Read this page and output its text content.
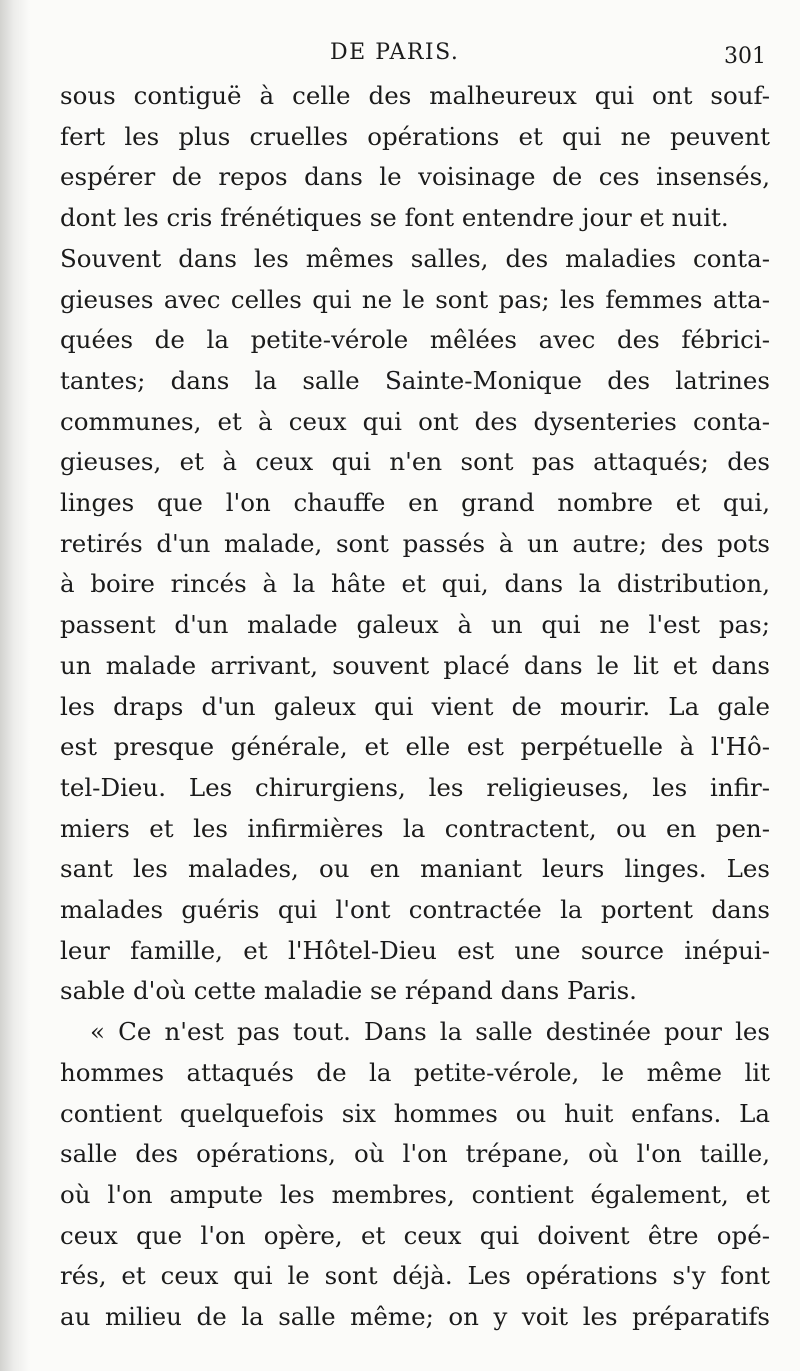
DE PARIS.	301
sous contiguë à celle des malheureux qui ont souf-
fert les plus cruelles opérations et qui ne peuvent
espérer de repos dans le voisinage de ces insensés,
dont les cris frénétiques se font entendre jour et nuit.
Souvent dans les mêmes salles, des maladies conta-
gieuses avec celles qui ne le sont pas; les femmes atta-
quées de la petite-vérole mêlées avec des fébrici-
tantes; dans la salle Sainte-Monique des latrines
communes, et à ceux qui ont des dysenteries conta-
gieuses, et à ceux qui n'en sont pas attaqués; des
linges que l'on chauffe en grand nombre et qui,
retirés d'un malade, sont passés à un autre; des pots
à boire rincés à la hâte et qui, dans la distribution,
passent d'un malade galeux à un qui ne l'est pas;
un malade arrivant, souvent placé dans le lit et dans
les draps d'un galeux qui vient de mourir. La gale
est presque générale, et elle est perpétuelle à l'Hô-
tel-Dieu. Les chirurgiens, les religieuses, les infir-
miers et les infirmières la contractent, ou en pen-
sant les malades, ou en maniant leurs linges. Les
malades guéris qui l'ont contractée la portent dans
leur famille, et l'Hôtel-Dieu est une source inépui-
sable d'où cette maladie se répand dans Paris.
« Ce n'est pas tout. Dans la salle destinée pour les
hommes attaqués de la petite-vérole, le même lit
contient quelquefois six hommes ou huit enfans. La
salle des opérations, où l'on trépane, où l'on taille,
où l'on ampute les membres, contient également, et
ceux que l'on opère, et ceux qui doivent être opé-
rés, et ceux qui le sont déjà. Les opérations s'y font
au milieu de la salle même; on y voit les préparatifs
